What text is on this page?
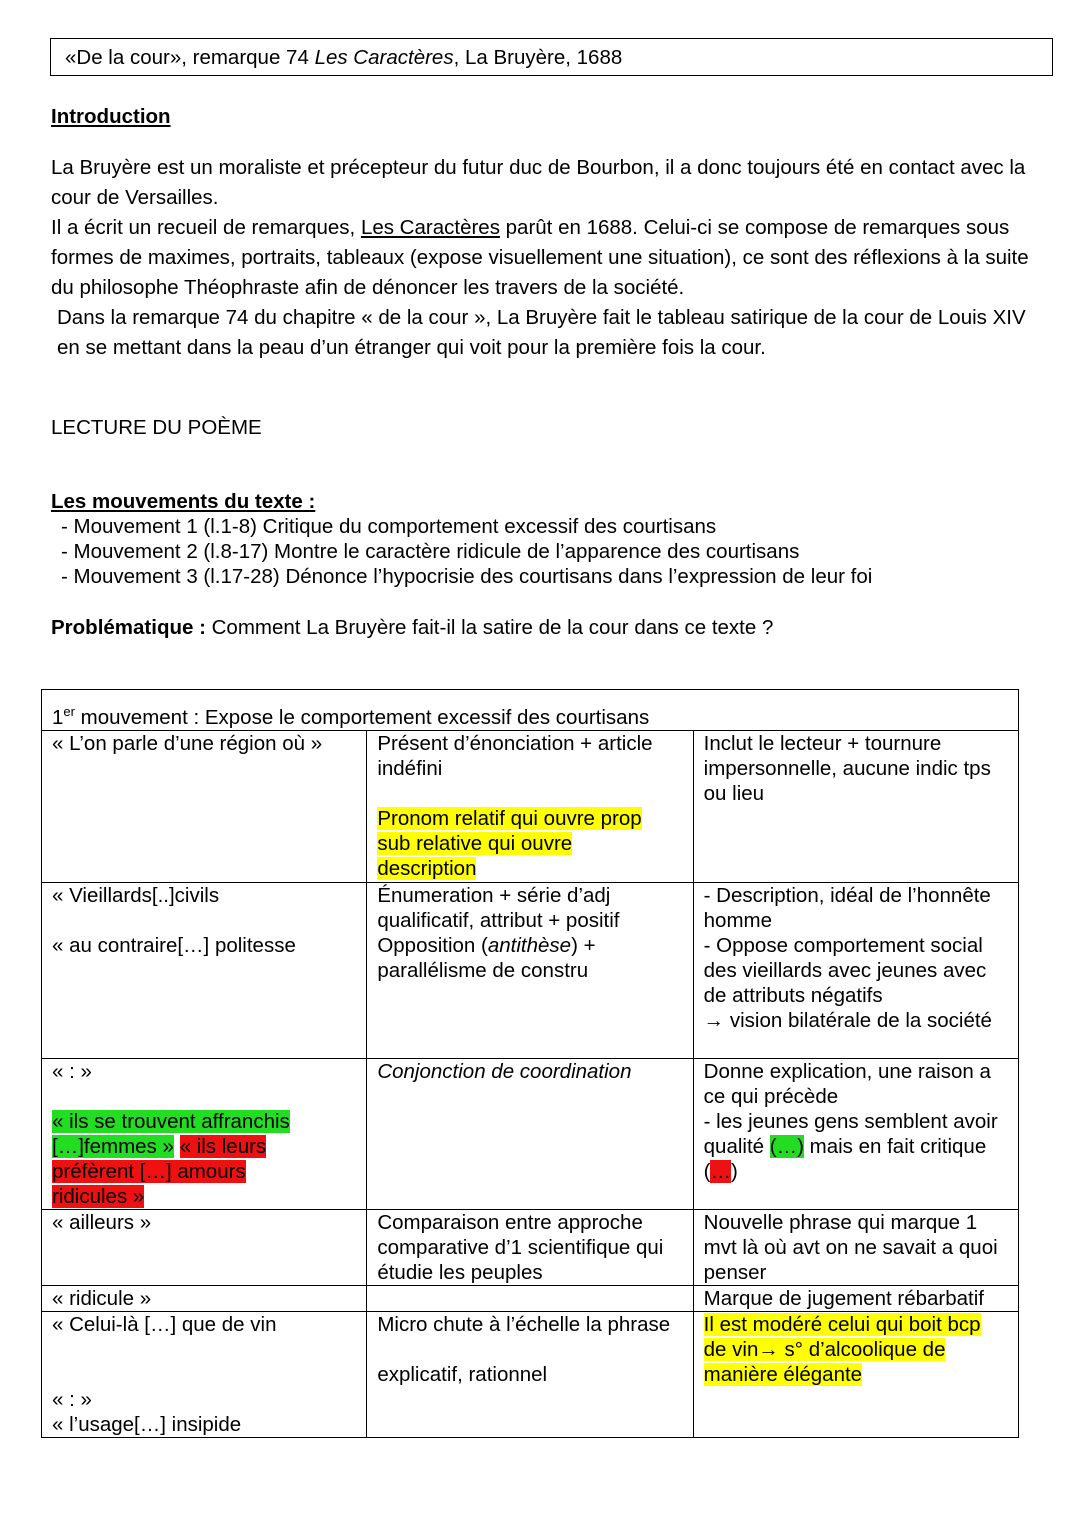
«De la cour», remarque 74 Les Caractères, La Bruyère, 1688
Introduction

La Bruyère est un moraliste et précepteur du futur duc de Bourbon, il a donc toujours été en contact avec la cour de Versailles.

Il a écrit un recueil de remarques, Les Caractères parût en 1688. Celui-ci se compose de remarques sous formes de maximes, portraits, tableaux (expose visuellement une situation), ce sont des réflexions à la suite du philosophe Théophraste afin de dénoncer les travers de la société.

Dans la remarque 74 du chapitre « de la cour », La Bruyère fait le tableau satirique de la cour de Louis XIV en se mettant dans la peau d’un étranger qui voit pour la première fois la cour.

LECTURE DU POÈME
Les mouvements du texte :
- Mouvement 1 (l.1-8) Critique du comportement excessif des courtisans
- Mouvement 2 (l.8-17) Montre le caractère ridicule de l’apparence des courtisans
- Mouvement 3 (l.17-28) Dénonce l’hypocrisie des courtisans dans l’expression de leur foi
Problématique : Comment La Bruyère fait-il la satire de la cour dans ce texte ?
1er mouvement : Expose le comportement excessif des courtisans
« L’on parle d’une région où »	Présent d’énonciation + article indéfini
Pronom relatif qui ouvre prop sub relative qui ouvre description
	Inclut le lecteur + tournure impersonnelle, aucune indic tps ou lieu

« Vieillards[..]civils
« au contraire[…] politesse

Énumeration + série d’adj qualificatif, attribut + positif
Opposition (antithèse) + parallélisme de constru

- Description, idéal de l’honnête homme
- Oppose comportement social des vieillards avec jeunes avec de attributs négatifs
→ vision bilatérale de la société

« : »
« ils se trouvent affranchis […]femmes » « ils leurs préfèrent […] amours ridicules »
	Conjonction de coordination	Donne explication, une raison a ce qui précède
- les jeunes gens semblent avoir qualité (…) mais en fait critique (…)

« ailleurs »	Comparaison entre approche comparative d’1 scientifique qui étudie les peuples	Nouvelle phrase qui marque 1 mvt là où avt on ne savait a quoi penser
« ridicule »		Marque de jugement rébarbatif

« Celui-là […] que de vin
« : »
« l’usage[…] insipide

Micro chute à l’échelle la phrase
explicatif, rationnel

Il est modéré celui qui boit bcp de vin→ s° d’alcoolique de manière élégante
